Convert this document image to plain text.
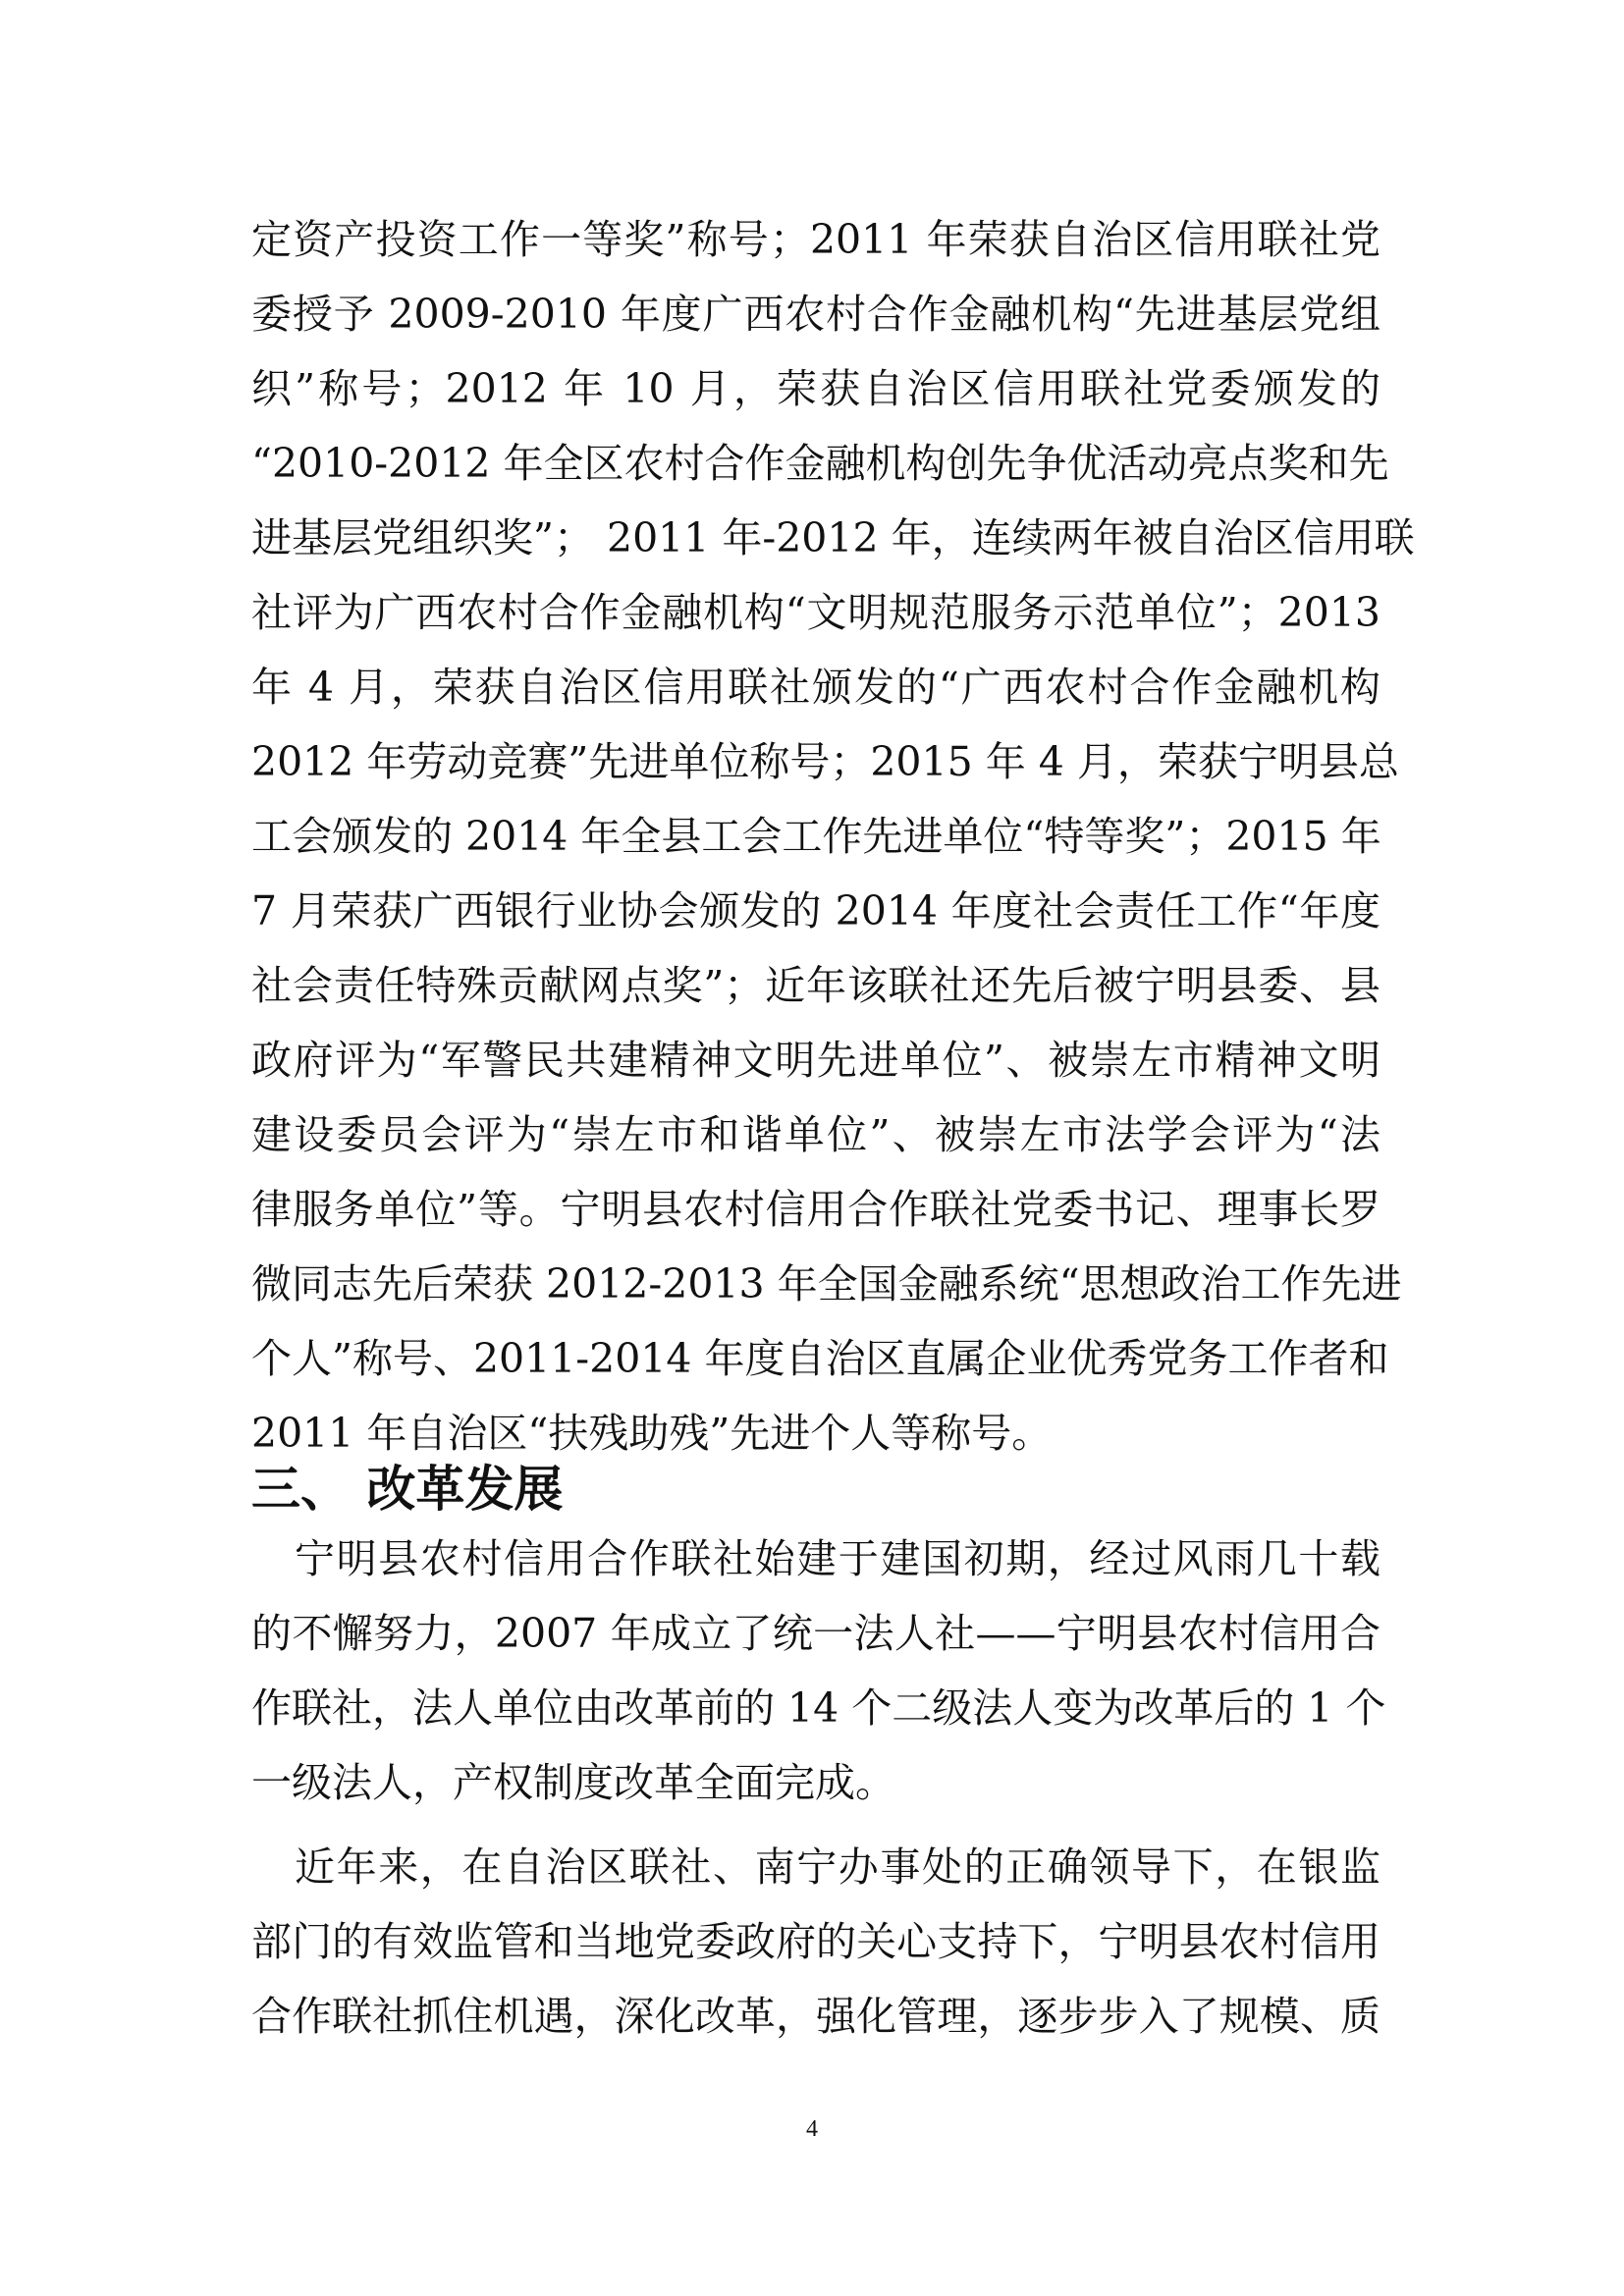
定资产投资工作一等奖”称号；2011 年荣获自治区信用联社党
委授予 2009-2010 年度广西农村合作金融机构“先进基层党组
织”称号；2012 年 10 月，荣获自治区信用联社党委颁发的
“2010-2012 年全区农村合作金融机构创先争优活动亮点奖和先
进基层党组织奖”； 2011 年-2012 年，连续两年被自治区信用联
社评为广西农村合作金融机构“文明规范服务示范单位”；2013
年 4 月，荣获自治区信用联社颁发的“广西农村合作金融机构
2012 年劳动竞赛”先进单位称号；2015 年 4 月，荣获宁明县总
工会颁发的 2014 年全县工会工作先进单位“特等奖”；2015 年
7 月荣获广西银行业协会颁发的 2014 年度社会责任工作“年度
社会责任特殊贡献网点奖”；近年该联社还先后被宁明县委、县
政府评为“军警民共建精神文明先进单位”、被崇左市精神文明
建设委员会评为“崇左市和谐单位”、被崇左市法学会评为“法
律服务单位”等。宁明县农村信用合作联社党委书记、理事长罗
微同志先后荣获 2012-2013 年全国金融系统“思想政治工作先进
个人”称号、2011-2014 年度自治区直属企业优秀党务工作者和
2011 年自治区“扶残助残”先进个人等称号。
三、 改革发展
宁明县农村信用合作联社始建于建国初期，经过风雨几十载
的不懈努力，2007 年成立了统一法人社——宁明县农村信用合
作联社，法人单位由改革前的 14 个二级法人变为改革后的 1 个
一级法人，产权制度改革全面完成。
近年来，在自治区联社、南宁办事处的正确领导下，在银监
部门的有效监管和当地党委政府的关心支持下，宁明县农村信用
合作联社抓住机遇，深化改革，强化管理，逐步步入了规模、质
4
